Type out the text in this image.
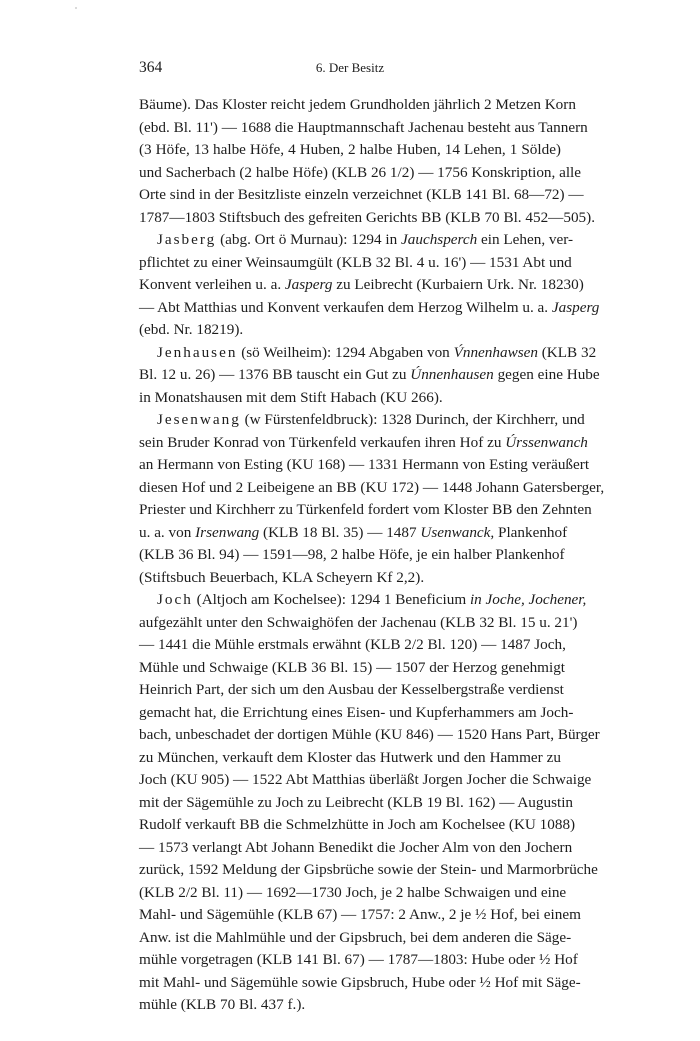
364	6. Der Besitz
Bäume). Das Kloster reicht jedem Grundholden jährlich 2 Metzen Korn
(ebd. Bl. 11') — 1688 die Hauptmannschaft Jachenau besteht aus Tannern
(3 Höfe, 13 halbe Höfe, 4 Huben, 2 halbe Huben, 14 Lehen, 1 Sölde)
und Sacherbach (2 halbe Höfe) (KLB 26 1/2) — 1756 Konskription, alle
Orte sind in der Besitzliste einzeln verzeichnet (KLB 141 Bl. 68—72) —
1787—1803 Stiftsbuch des gefreiten Gerichts BB (KLB 70 Bl. 452—505).
Jasberg (abg. Ort ö Murnau): 1294 in Jauchsperch ein Lehen, ver-
pflichtet zu einer Weinsaumgült (KLB 32 Bl. 4 u. 16') — 1531 Abt und
Konvent verleihen u. a. Jasperg zu Leibrecht (Kurbaiern Urk. Nr. 18230)
— Abt Matthias und Konvent verkaufen dem Herzog Wilhelm u. a. Jasperg
(ebd. Nr. 18219).
Jenhausen (sö Weilheim): 1294 Abgaben von V́nnenhawsen (KLB 32
Bl. 12 u. 26) — 1376 BB tauscht ein Gut zu Únnenhausen gegen eine Hube
in Monatshausen mit dem Stift Habach (KU 266).
Jesenwang (w Fürstenfeldbruck): 1328 Durinch, der Kirchherr, und
sein Bruder Konrad von Türkenfeld verkaufen ihren Hof zu Úrssenwanch
an Hermann von Esting (KU 168) — 1331 Hermann von Esting veräußert
diesen Hof und 2 Leibeigene an BB (KU 172) — 1448 Johann Gatersberger,
Priester und Kirchherr zu Türkenfeld fordert vom Kloster BB den Zehnten
u. a. von Irsenwang (KLB 18 Bl. 35) — 1487 Usenwanck, Plankenhof
(KLB 36 Bl. 94) — 1591—98, 2 halbe Höfe, je ein halber Plankenhof
(Stiftsbuch Beuerbach, KLA Scheyern Kf 2,2).
Joch (Altjoch am Kochelsee): 1294 1 Beneficium in Joche, Jochener,
aufgezählt unter den Schwaighöfen der Jachenau (KLB 32 Bl. 15 u. 21')
— 1441 die Mühle erstmals erwähnt (KLB 2/2 Bl. 120) — 1487 Joch,
Mühle und Schwaige (KLB 36 Bl. 15) — 1507 der Herzog genehmigt
Heinrich Part, der sich um den Ausbau der Kesselbergstraße verdienst
gemacht hat, die Errichtung eines Eisen- und Kupferhammers am Joch-
bach, unbeschadet der dortigen Mühle (KU 846) — 1520 Hans Part, Bürger
zu München, verkauft dem Kloster das Hutwerk und den Hammer zu
Joch (KU 905) — 1522 Abt Matthias überläßt Jorgen Jocher die Schwaige
mit der Sägemühle zu Joch zu Leibrecht (KLB 19 Bl. 162) — Augustin
Rudolf verkauft BB die Schmelzhütte in Joch am Kochelsee (KU 1088)
— 1573 verlangt Abt Johann Benedikt die Jocher Alm von den Jochern
zurück, 1592 Meldung der Gipsbrüche sowie der Stein- und Marmorbrüche
(KLB 2/2 Bl. 11) — 1692—1730 Joch, je 2 halbe Schwaigen und eine
Mahl- und Sägemühle (KLB 67) — 1757: 2 Anw., 2 je ½ Hof, bei einem
Anw. ist die Mahlmühle und der Gipsbruch, bei dem anderen die Säge-
mühle vorgetragen (KLB 141 Bl. 67) — 1787—1803: Hube oder ½ Hof
mit Mahl- und Sägemühle sowie Gipsbruch, Hube oder ½ Hof mit Säge-
mühle (KLB 70 Bl. 437 f.).
